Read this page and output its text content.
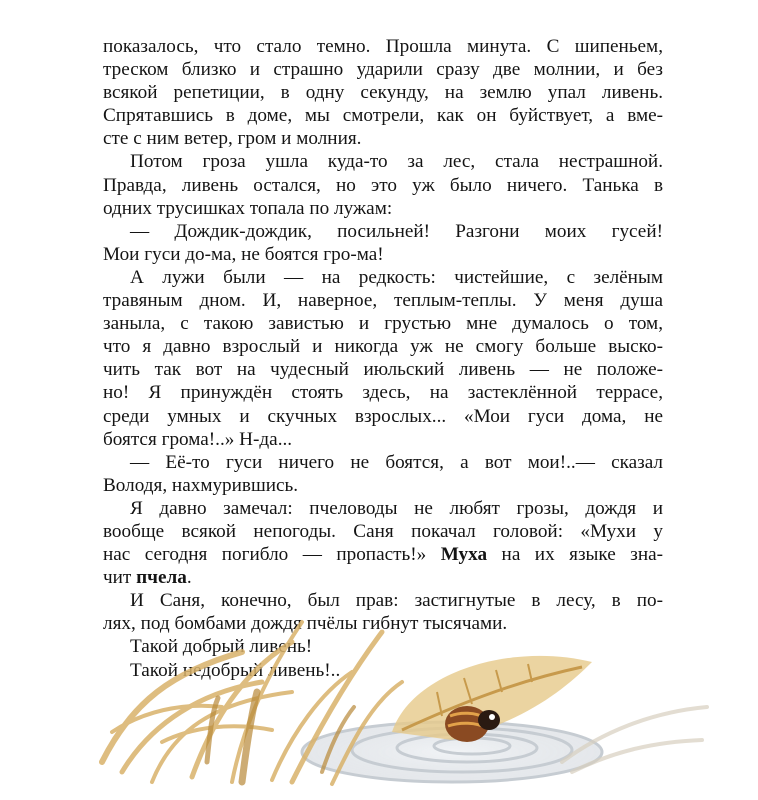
показалось, что стало темно. Прошла минута. С шипеньем,

треском близко и страшно ударили сразу две молнии, и без

всякой репетиции, в одну секунду, на землю упал ливень.

Спрятавшись в доме, мы смотрели, как он буйствует, а вме-

сте с ним ветер, гром и молния.

Потом гроза ушла куда-то за лес, стала нестрашной.

Правда, ливень остался, но это уж было ничего. Танька в

одних трусишках топала по лужам:

— Дождик-дождик, посильней! Разгони моих гусей!

Мои гуси до-ма, не боятся гро-ма!

А лужи были — на редкость: чистейшие, с зелёным

травяным дном. И, наверное, теплым-теплы. У меня душа

заныла, с такою завистью и грустью мне думалось о том,

что я давно взрослый и никогда уж не смогу больше выско-

чить так вот на чудесный июльский ливень — не положе-

но! Я принуждён стоять здесь, на застеклённой террасе,

среди умных и скучных взрослых... «Мои гуси дома, не

боятся грома!..» Н-да...

— Её-то гуси ничего не боятся, а вот мои!..— сказал

Володя, нахмурившись.

Я давно замечал: пчеловоды не любят грозы, дождя и

вообще всякой непогоды. Саня покачал головой: «Мухи у

нас сегодня погибло — пропасть!» Муха на их языке зна-

чит пчела.

И Саня, конечно, был прав: застигнутые в лесу, в по-

лях, под бомбами дождя пчёлы гибнут тысячами.

Такой добрый ливень!

Такой недобрый ливень!..
